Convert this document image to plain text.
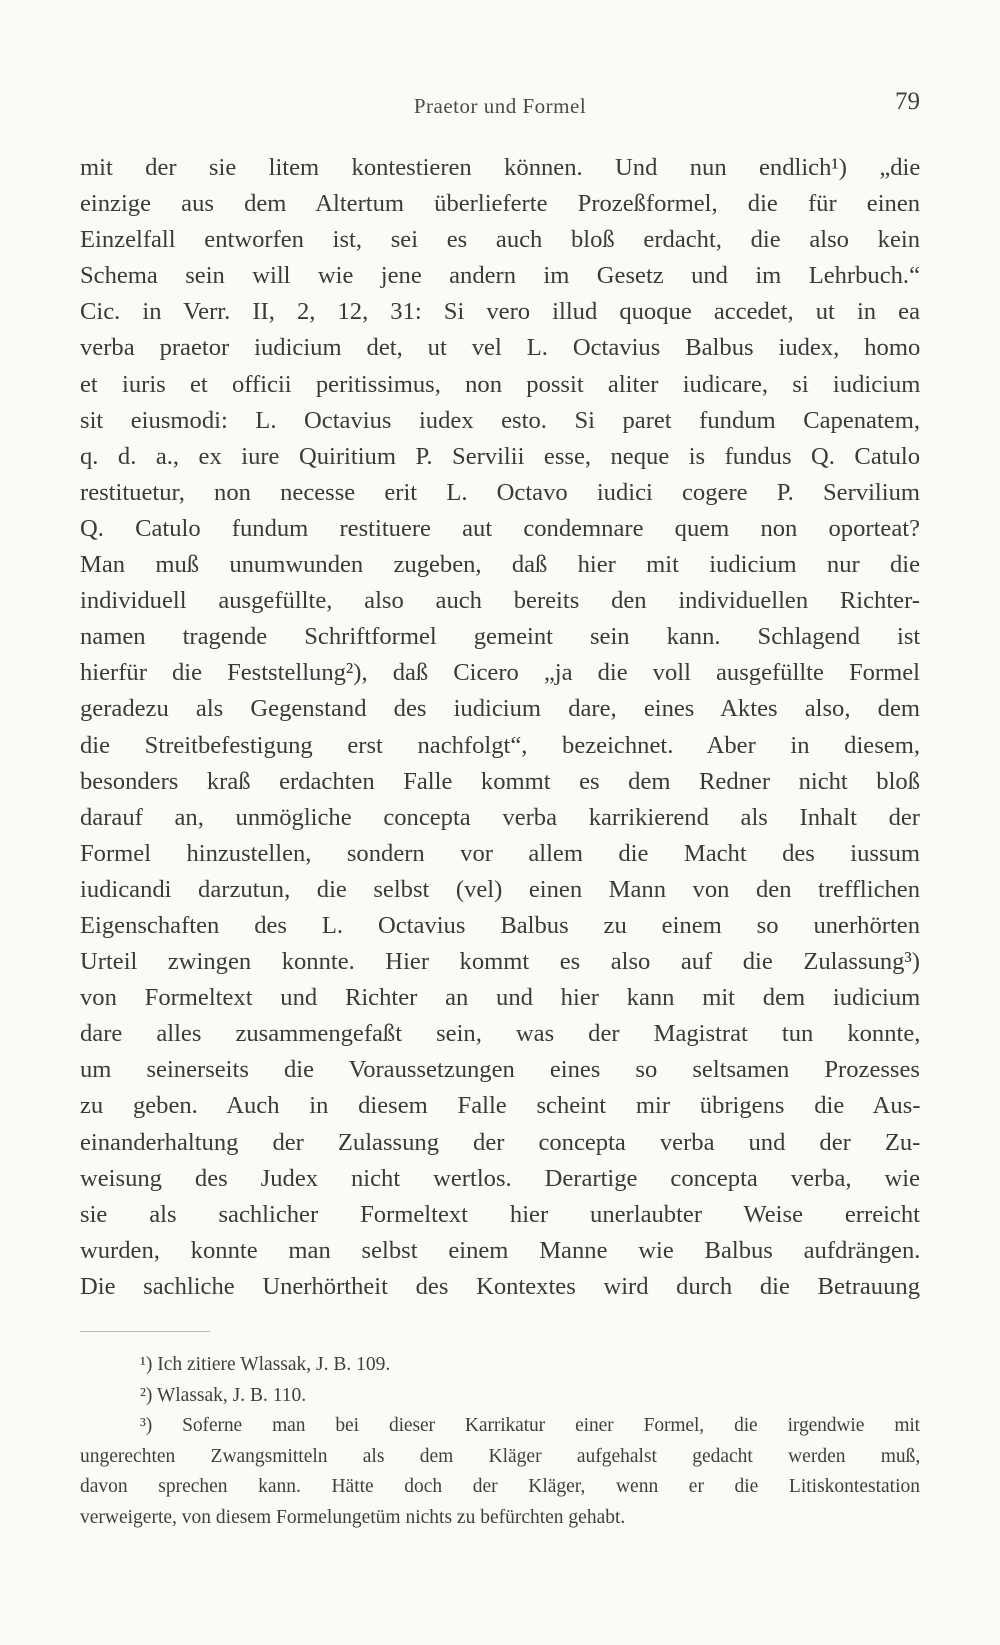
Praetor und Formel	79
mit der sie litem kontestieren können. Und nun endlich¹) „die
einzige aus dem Altertum überlieferte Prozeßformel, die für einen
Einzelfall entworfen ist, sei es auch bloß erdacht, die also kein
Schema sein will wie jene andern im Gesetz und im Lehrbuch.“
Cic. in Verr. II, 2, 12, 31: Si vero illud quoque accedet, ut in ea
verba praetor iudicium det, ut vel L. Octavius Balbus iudex, homo
et iuris et officii peritissimus, non possit aliter iudicare, si iudicium
sit eiusmodi: L. Octavius iudex esto. Si paret fundum Capenatem,
q. d. a., ex iure Quiritium P. Servilii esse, neque is fundus Q. Catulo
restituetur, non necesse erit L. Octavo iudici cogere P. Servilium
Q. Catulo fundum restituere aut condemnare quem non oporteat?
Man muß unumwunden zugeben, daß hier mit iudicium nur die
individuell ausgefüllte, also auch bereits den individuellen Richter-
namen tragende Schriftformel gemeint sein kann. Schlagend ist
hierfür die Feststellung²), daß Cicero „ja die voll ausgefüllte Formel
geradezu als Gegenstand des iudicium dare, eines Aktes also, dem
die Streitbefestigung erst nachfolgt“, bezeichnet. Aber in diesem,
besonders kraß erdachten Falle kommt es dem Redner nicht bloß
darauf an, unmögliche concepta verba karrikierend als Inhalt der
Formel hinzustellen, sondern vor allem die Macht des iussum
iudicandi darzutun, die selbst (vel) einen Mann von den trefflichen
Eigenschaften des L. Octavius Balbus zu einem so unerhörten
Urteil zwingen konnte. Hier kommt es also auf die Zulassung³)
von Formeltext und Richter an und hier kann mit dem iudicium
dare alles zusammengefaßt sein, was der Magistrat tun konnte,
um seinerseits die Voraussetzungen eines so seltsamen Prozesses
zu geben. Auch in diesem Falle scheint mir übrigens die Aus-
einanderhaltung der Zulassung der concepta verba und der Zu-
weisung des Judex nicht wertlos. Derartige concepta verba, wie
sie als sachlicher Formeltext hier unerlaubter Weise erreicht
wurden, konnte man selbst einem Manne wie Balbus aufdrängen.
Die sachliche Unerhörtheit des Kontextes wird durch die Betrauung
¹) Ich zitiere Wlassak, J. B. 109.
²) Wlassak, J. B. 110.
³) Soferne man bei dieser Karrikatur einer Formel, die irgendwie mit
ungerechten Zwangsmitteln als dem Kläger aufgehalst gedacht werden muß,
davon sprechen kann. Hätte doch der Kläger, wenn er die Litiskontestation
verweigerte, von diesem Formelungetüm nichts zu befürchten gehabt.
